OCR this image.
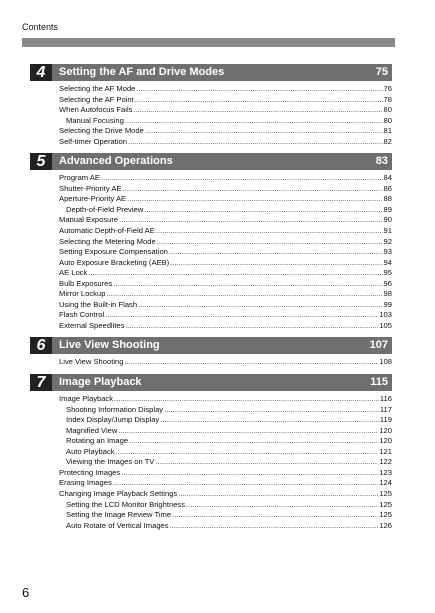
Contents
4	Setting the AF and Drive Modes	75
Selecting the AF Mode .....	76
Selecting the AF Point .....	78
When Autofocus Fails .....	80
Manual Focusing .....	80
Selecting the Drive Mode .....	81
Self-timer Operation .....	82
5	Advanced Operations	83
Program AE .....	84
Shutter-Priority AE .....	86
Aperture-Priority AE .....	88
Depth-of-Field Preview .....	89
Manual Exposure .....	90
Automatic Depth-of-Field AE .....	91
Selecting the Metering Mode .....	92
Setting Exposure Compensation .....	93
Auto Exposure Bracketing (AEB) .....	94
AE Lock .....	95
Bulb Exposures .....	96
Mirror Lockup .....	98
Using the Built-in Flash .....	99
Flash Control .....	103
External Speedlites .....	105
6	Live View Shooting	107
Live View Shooting .....	108
7	Image Playback	115
Image Playback .....	116
Shooting Information Display .....	117
Index Display/Jump Display .....	119
Magnified View .....	120
Rotating an Image .....	120
Auto Playback .....	121
Viewing the Images on TV .....	122
Protecting Images .....	123
Erasing Images .....	124
Changing Image Playback Settings .....	125
Setting the LCD Monitor Brightness .....	125
Setting the Image Review Time .....	125
Auto Rotate of Vertical Images .....	126
6
